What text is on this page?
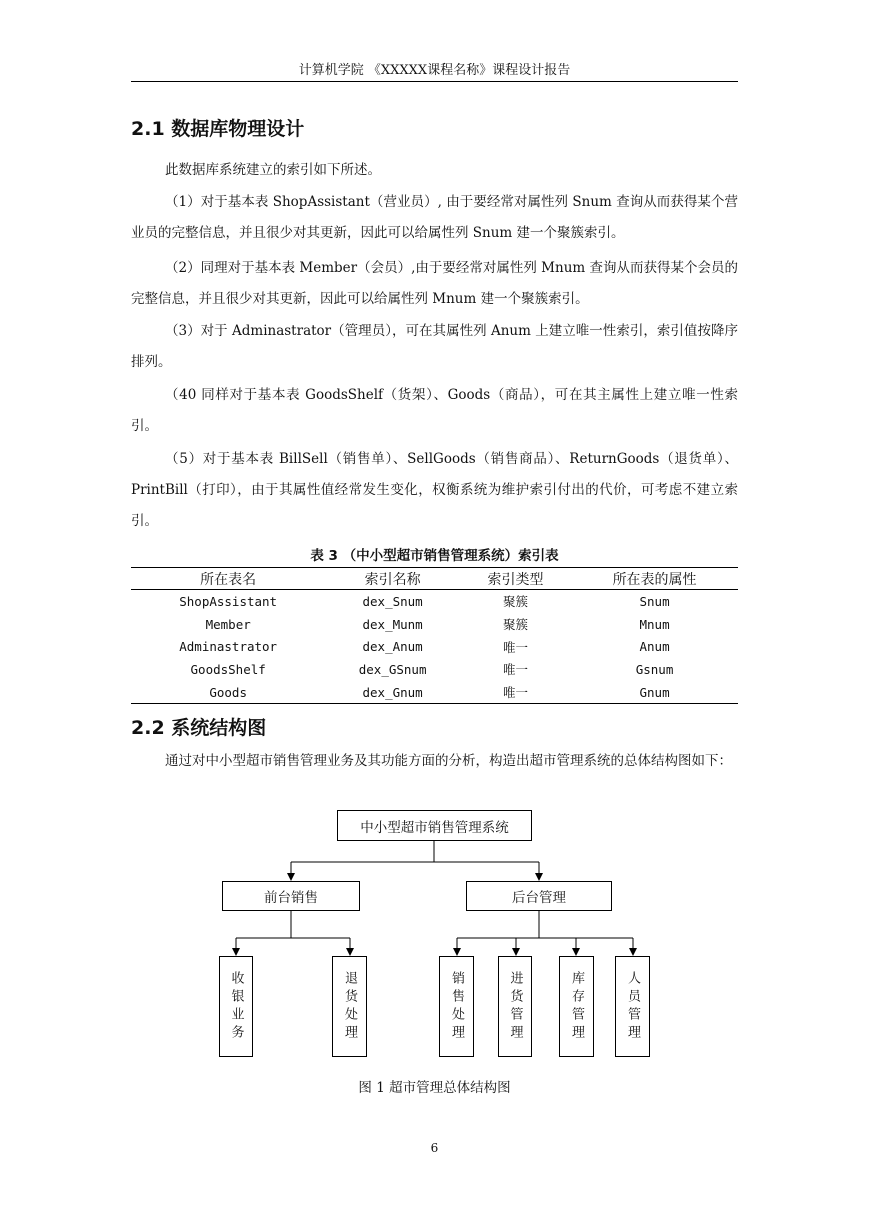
计算机学院 《XXXXX课程名称》课程设计报告
2.1 数据库物理设计

此数据库系统建立的索引如下所述。

（1）对于基本表 ShopAssistant（营业员）, 由于要经常对属性列 Snum 查询从而获得某个营业员的完整信息，并且很少对其更新，因此可以给属性列 Snum 建一个聚簇索引。

（2）同理对于基本表 Member（会员）,由于要经常对属性列 Mnum 查询从而获得某个会员的完整信息，并且很少对其更新，因此可以给属性列 Mnum 建一个聚簇索引。

（3）对于 Adminastrator（管理员），可在其属性列 Anum 上建立唯一性索引，索引值按降序排列。

（40 同样对于基本表 GoodsShelf（货架）、Goods（商品），可在其主属性上建立唯一性索引。

（5）对于基本表 BillSell（销售单）、SellGoods（销售商品）、ReturnGoods（退货单）、PrintBill（打印），由于其属性值经常发生变化，权衡系统为维护索引付出的代价，可考虑不建立索引。

表 3 （中小型超市销售管理系统）索引表
所在表名	索引名称	索引类型	所在表的属性
ShopAssistant	dex_Snum	聚簇	Snum
Member	dex_Munm	聚簇	Mnum
Adminastrator	dex_Anum	唯一	Anum
GoodsShelf	dex_GSnum	唯一	Gsnum
Goods	dex_Gnum	唯一	Gnum
2.2 系统结构图

通过对中小型超市销售管理业务及其功能方面的分析，构造出超市管理系统的总体结构图如下：

中小型超市销售管理系统
前台销售	后台管理
收银业务	退货处理	销售处理	进货管理	库存管理	人员管理
图 1 超市管理总体结构图
6
